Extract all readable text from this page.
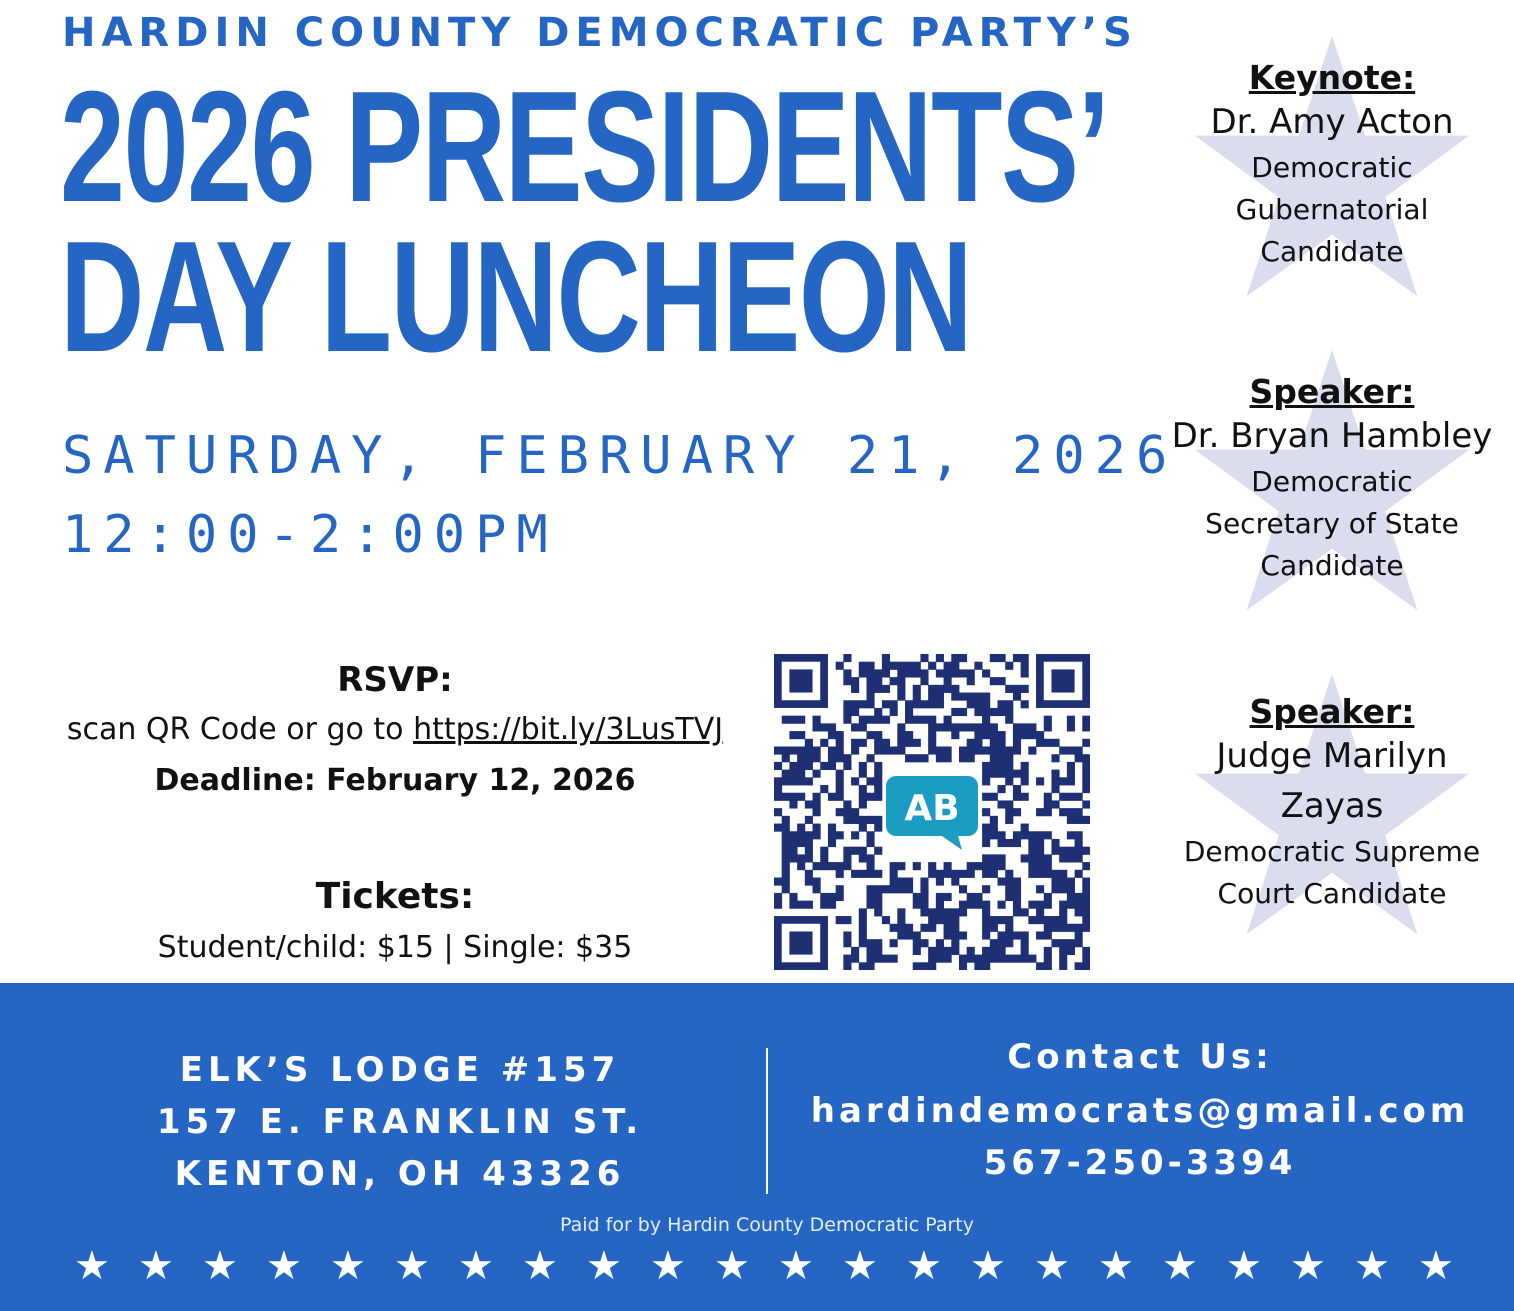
HARDIN COUNTY DEMOCRATIC PARTY’S
2026 PRESIDENTS’
DAY LUNCHEON
SATURDAY, FEBRUARY 21, 2026
12:00-2:00PM
Keynote:
Dr. Amy Acton
Democratic
Gubernatorial
Candidate
Speaker:
Dr. Bryan Hambley
Democratic
Secretary of State
Candidate
Speaker:
Judge Marilyn
Zayas
Democratic Supreme
Court Candidate
RSVP:
scan QR Code or go to https://bit.ly/3LusTVJ
Deadline: February 12, 2026
Tickets:
Student/child: $15 | Single: $35
AB
ELK’S LODGE #157
157 E. FRANKLIN ST.
KENTON, OH 43326
Contact Us:
hardindemocrats@gmail.com
567-250-3394
Paid for by Hardin County Democratic Party
★ ★ ★ ★ ★ ★ ★ ★ ★ ★ ★ ★ ★ ★ ★ ★ ★ ★ ★ ★ ★ ★
